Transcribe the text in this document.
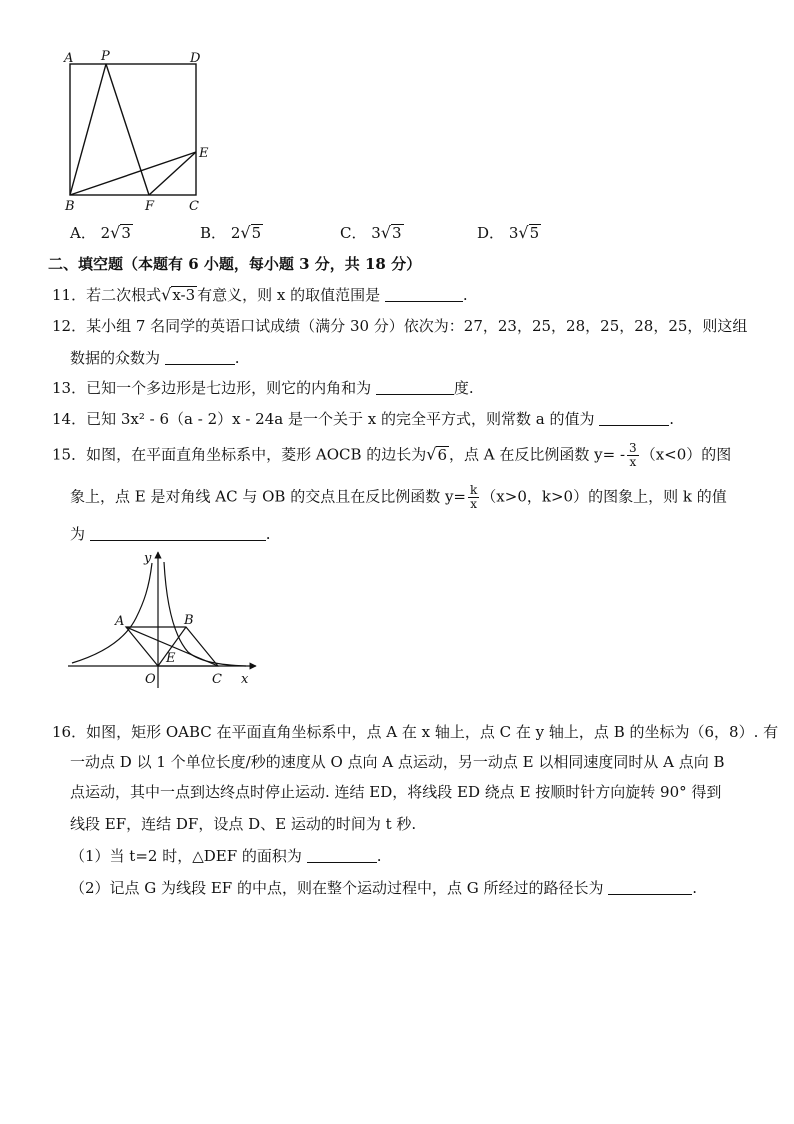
A P	D
E
B	F	C
A． 2√3	B． 2√5	C． 3√3	D． 3√5
二、填空题（本题有 6 小题，每小题 3 分，共 18 分）
11．若二次根式√x-3 有意义，则 x 的取值范围是	.
12．某小组 7 名同学的英语口试成绩（满分 30 分）依次为：27，23，25，28，25，28，25，则这组
数据的众数为	.
13．已知一个多边形是七边形，则它的内角和为	度.
14．已知 3x² - 6（a - 2）x - 24a 是一个关于 x 的完全平方式，则常数 a 的值为	.
15．如图，在平面直角坐标系中，菱形 AOCB 的边长为√6 ，点 A 在反比例函数 $y= - \frac{3}{x} (x<0)$的图
象上，点 E 是对角线 AC 与 OB 的交点且在反比例函数 $y= \frac{k}{x} (x>0$，k>0）的图象上，则 k 的值
为	.
y
A	B
E
O	C x
16．如图，矩形 OABC 在平面直角坐标系中，点 A 在 x 轴上，点 C 在 y 轴上，点 B 的坐标为（6，8）. 有
一动点 D 以 1 个单位长度/秒的速度从 O 点向 A 点运动，另一动点 E 以相同速度同时从 A 点向 B
点运动，其中一点到达终点时停止运动. 连结 ED，将线段 ED 绕点 E 按顺时针方向旋转 90° 得到
线段 EF，连结 DF，设点 D、E 运动的时间为 t 秒.
（1）当 t=2 时，△DEF 的面积为	.
（2）记点 G 为线段 EF 的中点，则在整个运动过程中，点 G 所经过的路径长为	.
